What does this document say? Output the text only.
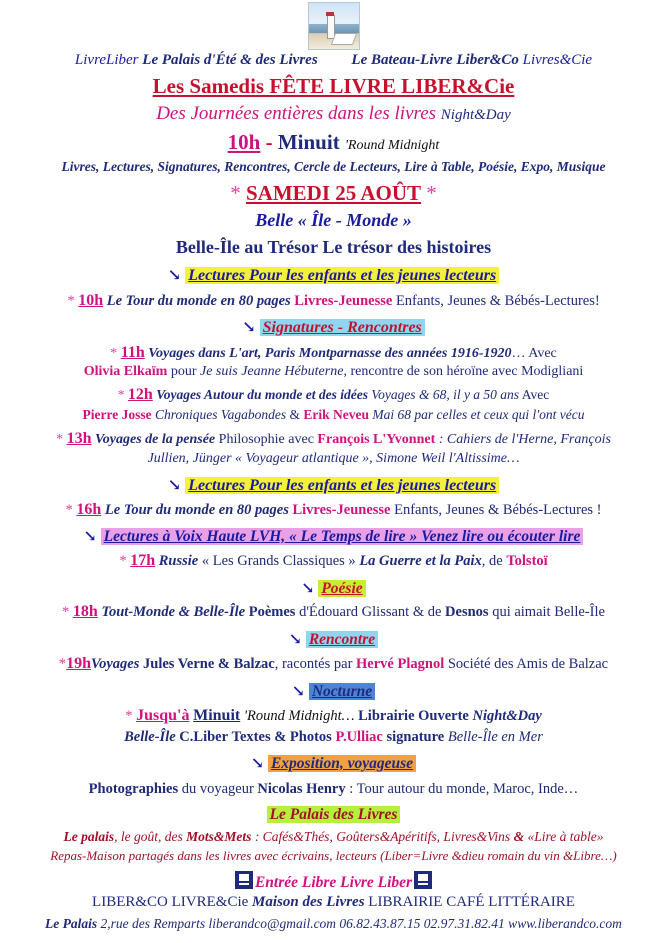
LivreLiber Le Palais d'Été & des Livres Le Bateau-Livre Liber&Co Livres&Cie
Les Samedis FÊTE LIVRE LIBER&Cie
Des Journées entières dans les livres Night&Day
10h - Minuit 'Round Midnight
Livres, Lectures, Signatures, Rencontres, Cercle de Lecteurs, Lire à Table, Poésie, Expo, Musique
* SAMEDI 25 AOÛT *
Belle « Île - Monde »
Belle-Île au Trésor Le trésor des histoires
↘ Lectures Pour les enfants et les jeunes lecteurs
* 10h Le Tour du monde en 80 pages Livres-Jeunesse Enfants, Jeunes & Bébés-Lectures!
↘ Signatures - Rencontres
* 11h Voyages dans L'art, Paris Montparnasse des années 1916-1920… Avec
Olivia Elkaïm pour Je suis Jeanne Hébuterne, rencontre de son héroïne avec Modigliani
* 12h Voyages Autour du monde et des idées Voyages & 68, il y a 50 ans Avec
Pierre Josse Chroniques Vagabondes & Erik Neveu Mai 68 par celles et ceux qui l'ont vécu
* 13h Voyages de la pensée Philosophie avec François L'Yvonnet : Cahiers de l'Herne, François
Jullien, Jünger « Voyageur atlantique », Simone Weil l'Altissime…
↘ Lectures Pour les enfants et les jeunes lecteurs
* 16h Le Tour du monde en 80 pages Livres-Jeunesse Enfants, Jeunes & Bébés-Lectures !
↘ Lectures à Voix Haute LVH, « Le Temps de lire » Venez lire ou écouter lire
* 17h Russie « Les Grands Classiques » La Guerre et la Paix, de Tolstoï
↘ Poésie
* 18h Tout-Monde & Belle-Île Poèmes d'Édouard Glissant & de Desnos qui aimait Belle-Île
↘ Rencontre
*19hVoyages Jules Verne & Balzac, racontés par Hervé Plagnol Société des Amis de Balzac
↘ Nocturne
* Jusqu'à Minuit 'Round Midnight… Librairie Ouverte Night&Day
Belle-Île C.Liber Textes & Photos P.Ulliac signature Belle-Île en Mer
↘ Exposition, voyageuse
Photographies du voyageur Nicolas Henry : Tour autour du monde, Maroc, Inde…
Le Palais des Livres
Le palais, le goût, des Mots&Mets : Cafés&Thés, Goûters&Apéritifs, Livres&Vins & «Lire à table»
Repas-Maison partagés dans les livres avec écrivains, lecteurs (Liber=Livre &dieu romain du vin &Libre…)
Entrée Libre Livre Liber
LIBER&CO LIVRE&Cie Maison des Livres LIBRAIRIE CAFÉ LITTÉRAIRE
Le Palais 2,rue des Remparts liberandco@gmail.com 06.82.43.87.15 02.97.31.82.41 www.liberandco.com
